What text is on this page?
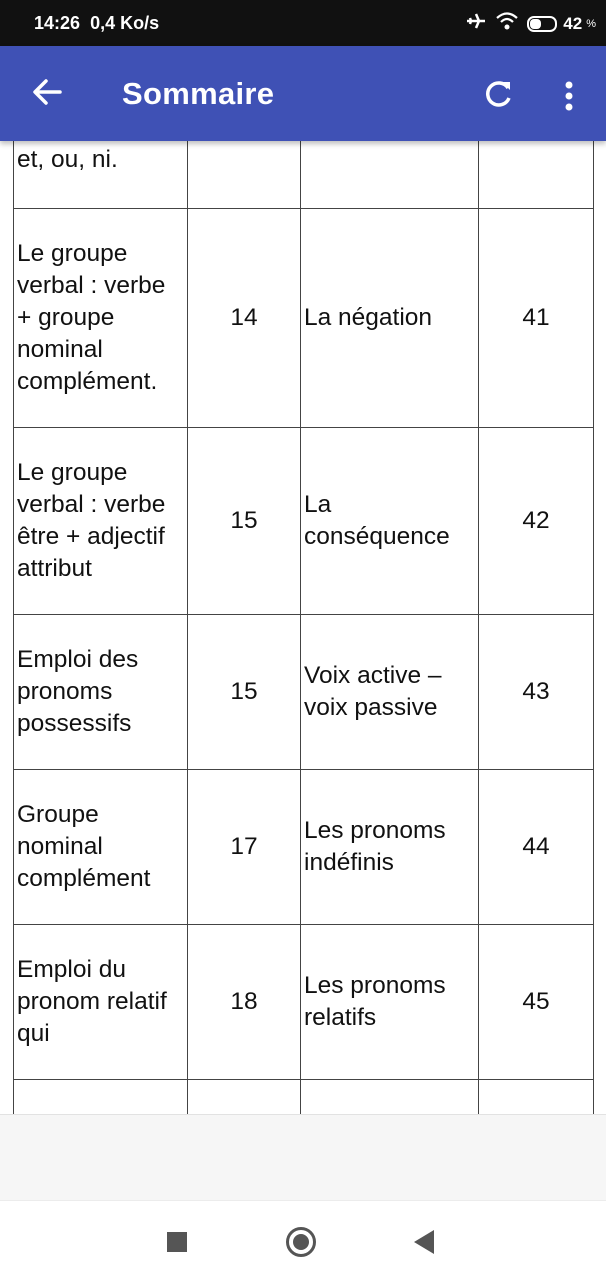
14:26 0,4 Ko/s	42 %
Sommaire
et, ou, ni.			
Le groupe verbal : verbe + groupe nominal complément.	14	La négation	41
Le groupe verbal : verbe être + adjectif attribut	15	La conséquence	42
Emploi des pronoms possessifs	15	Voix active – voix passive	43
Groupe nominal complément	17	Les pronoms indéfinis	44
Emploi du pronom relatif qui	18	Les pronoms relatifs	45
